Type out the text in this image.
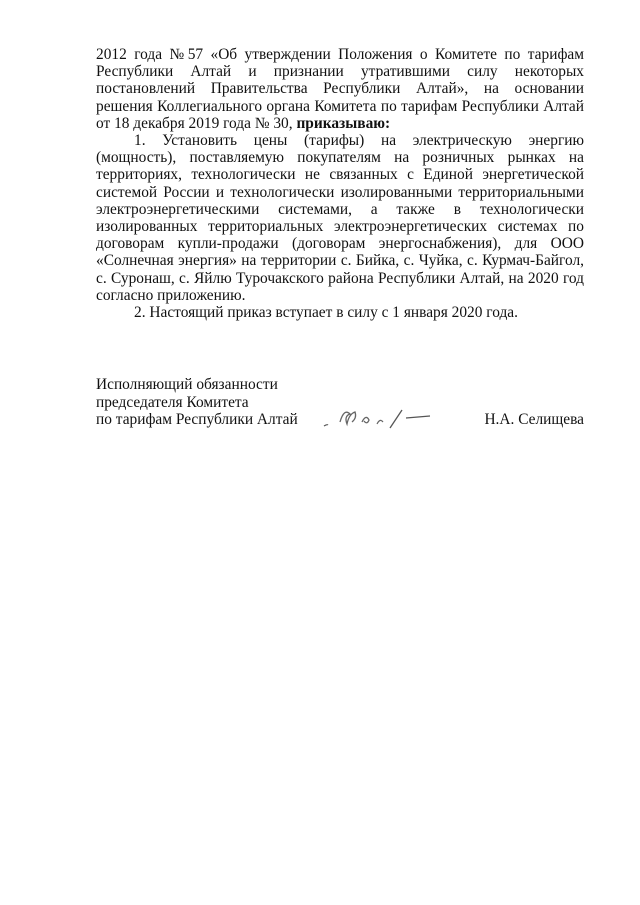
2012 года №57 «Об утверждении Положения о Комитете по тарифам Республики Алтай и признании утратившими силу некоторых постановлений Правительства Республики Алтай», на основании решения Коллегиального органа Комитета по тарифам Республики Алтай от 18 декабря 2019 года № 30, приказываю:

1. Установить цены (тарифы) на электрическую энергию (мощность), поставляемую покупателям на розничных рынках на территориях, технологически не связанных с Единой энергетической системой России и технологически изолированными территориальными электроэнергетическими системами, а также в технологически изолированных территориальных электроэнергетических системах по договорам купли-продажи (договорам энергоснабжения), для ООО «Солнечная энергия» на территории с. Бийка, с. Чуйка, с. Курмач-Байгол, с. Суронаш, с. Яйлю Турочакского района Республики Алтай, на 2020 год согласно приложению.

2. Настоящий приказ вступает в силу с 1 января 2020 года.

Исполняющий обязанности

председателя Комитета

по тарифам Республики Алтай	Н.А. Селищева
